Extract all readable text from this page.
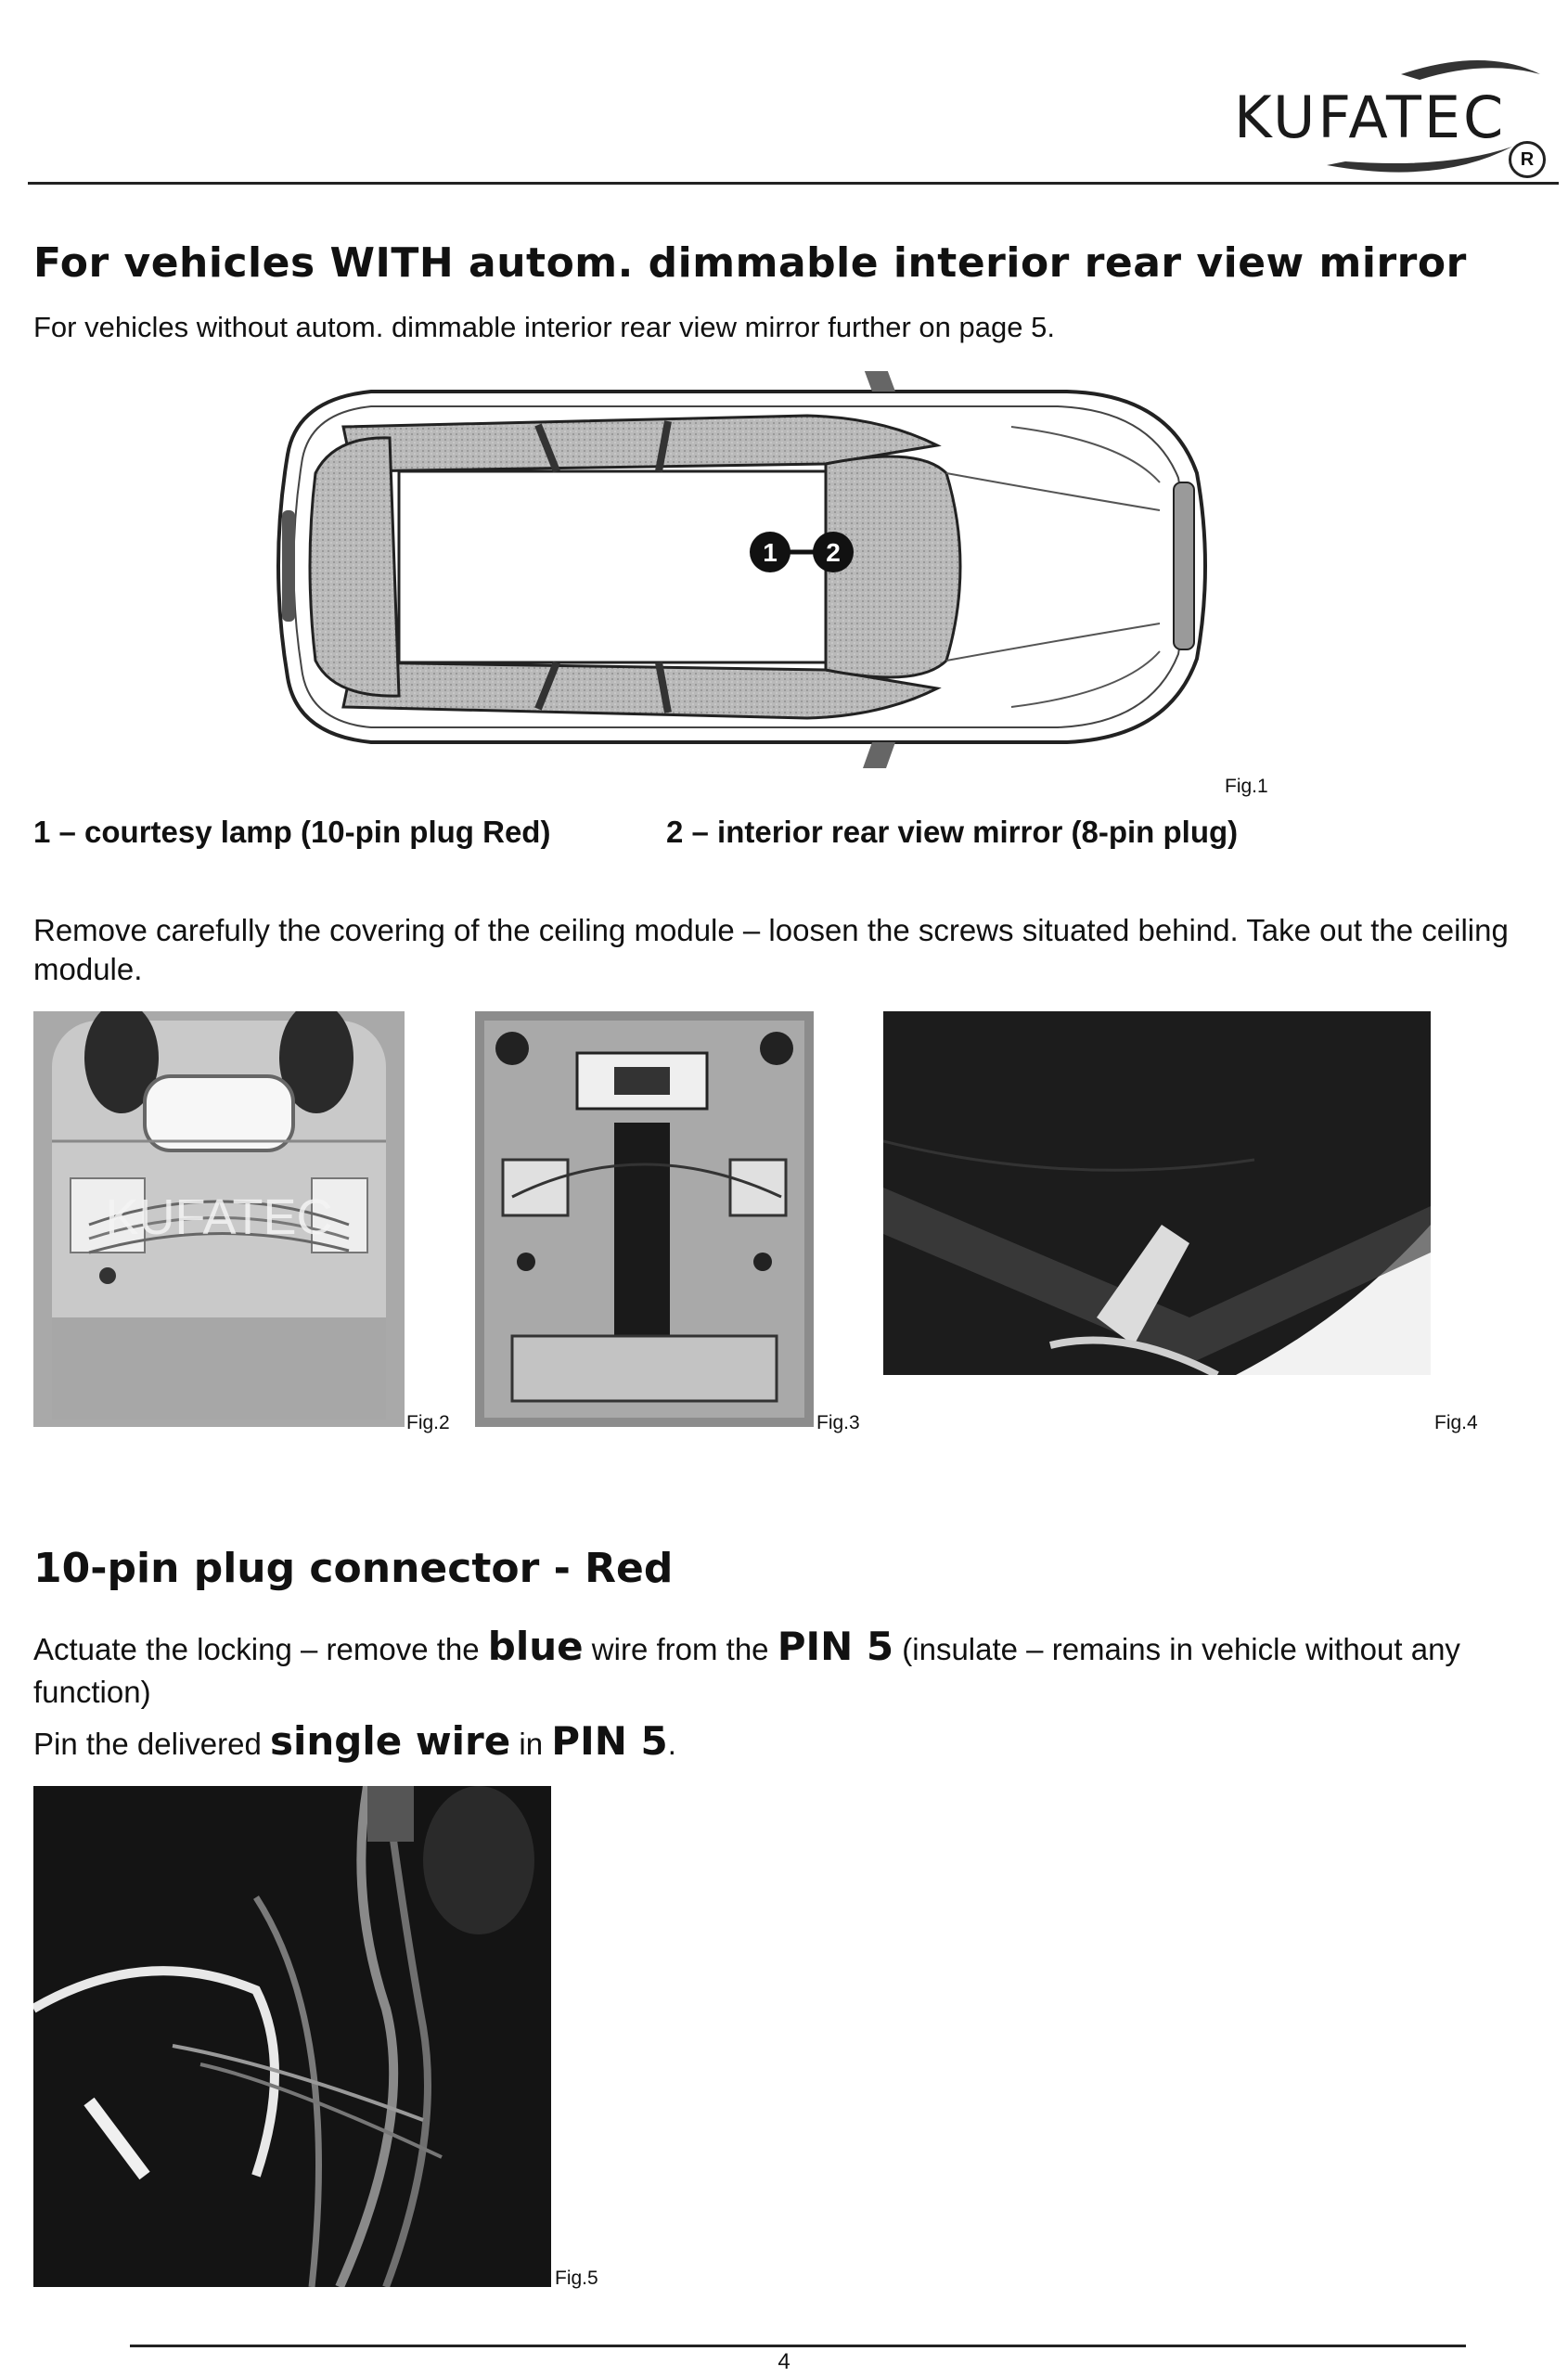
KUFATEC
R
For vehicles WITH autom. dimmable interior rear view mirror
For vehicles without autom. dimmable interior rear view mirror further on page 5.
1 2
Fig.1
1 – courtesy lamp (10-pin plug Red)	2 – interior rear view mirror (8-pin plug)
Remove carefully the covering of the ceiling module – loosen the screws situated behind. Take out the ceiling module.
KUFATEC
Fig.2	Fig.3	Fig.4
10-pin plug connector - Red
Actuate the locking – remove the blue wire from the PIN 5 (insulate – remains in vehicle without any function)
Pin the delivered single wire in PIN 5.
Fig.5
4
